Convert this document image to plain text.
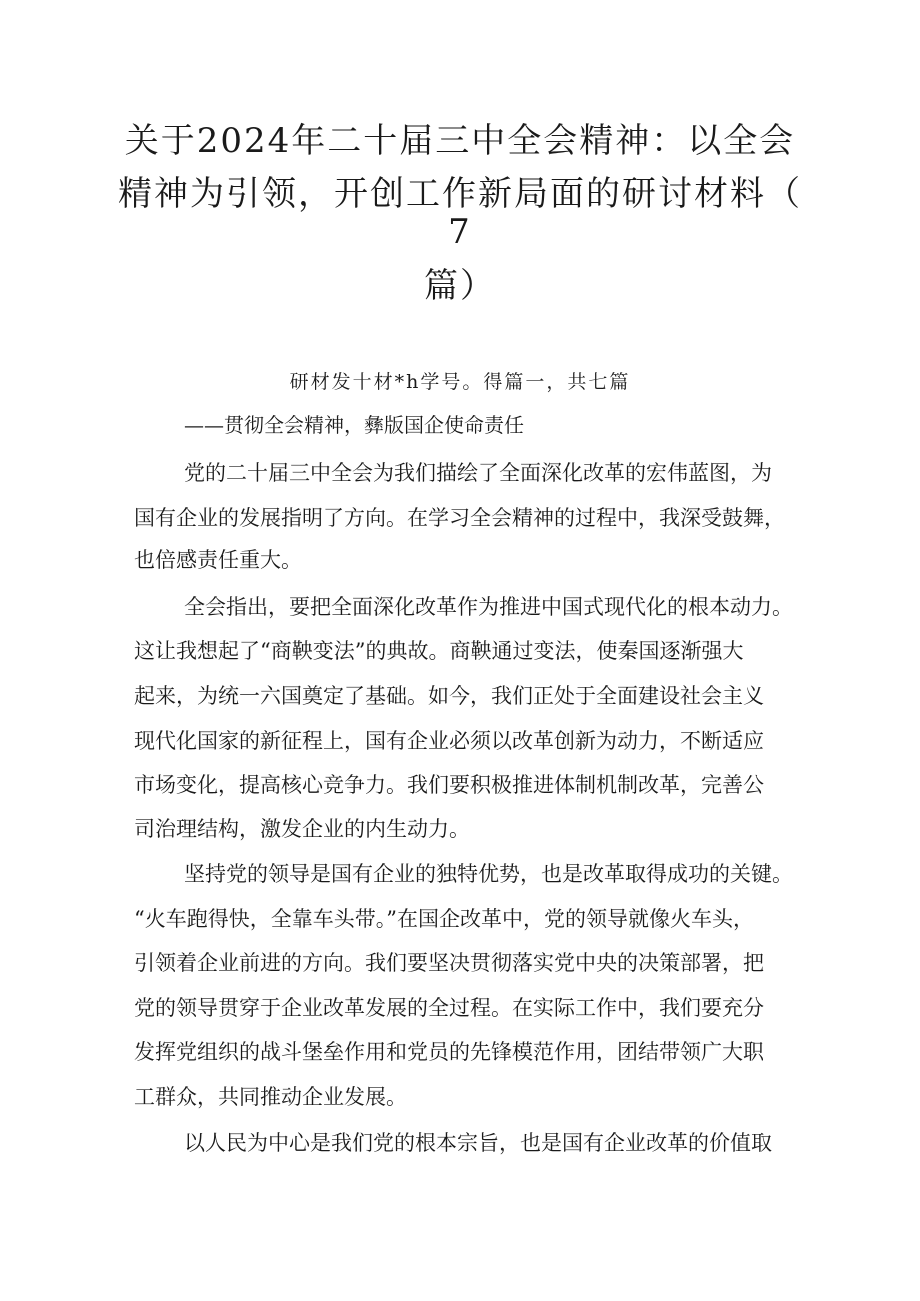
关于2024年二十届三中全会精神：以全会
精神为引领，开创工作新局面的研讨材料（
7
篇）
研材发十材*h学号。得篇一，共七篇
——贯彻全会精神，彝版国企使命责任
党的二十届三中全会为我们描绘了全面深化改革的宏伟蓝图，为
国有企业的发展指明了方向。在学习全会精神的过程中，我深受鼓舞，
也倍感责任重大。
全会指出，要把全面深化改革作为推进中国式现代化的根本动力。
这让我想起了“商鞅变法”的典故。商鞅通过变法，使秦国逐渐强大
起来，为统一六国奠定了基础。如今，我们正处于全面建设社会主义
现代化国家的新征程上，国有企业必须以改革创新为动力，不断适应
市场变化，提高核心竞争力。我们要积极推进体制机制改革，完善公
司治理结构，激发企业的内生动力。
坚持党的领导是国有企业的独特优势，也是改革取得成功的关键。
“火车跑得快，全靠车头带。”在国企改革中，党的领导就像火车头，
引领着企业前进的方向。我们要坚决贯彻落实党中央的决策部署，把
党的领导贯穿于企业改革发展的全过程。在实际工作中，我们要充分
发挥党组织的战斗堡垒作用和党员的先锋模范作用，团结带领广大职
工群众，共同推动企业发展。
以人民为中心是我们党的根本宗旨，也是国有企业改革的价值取
